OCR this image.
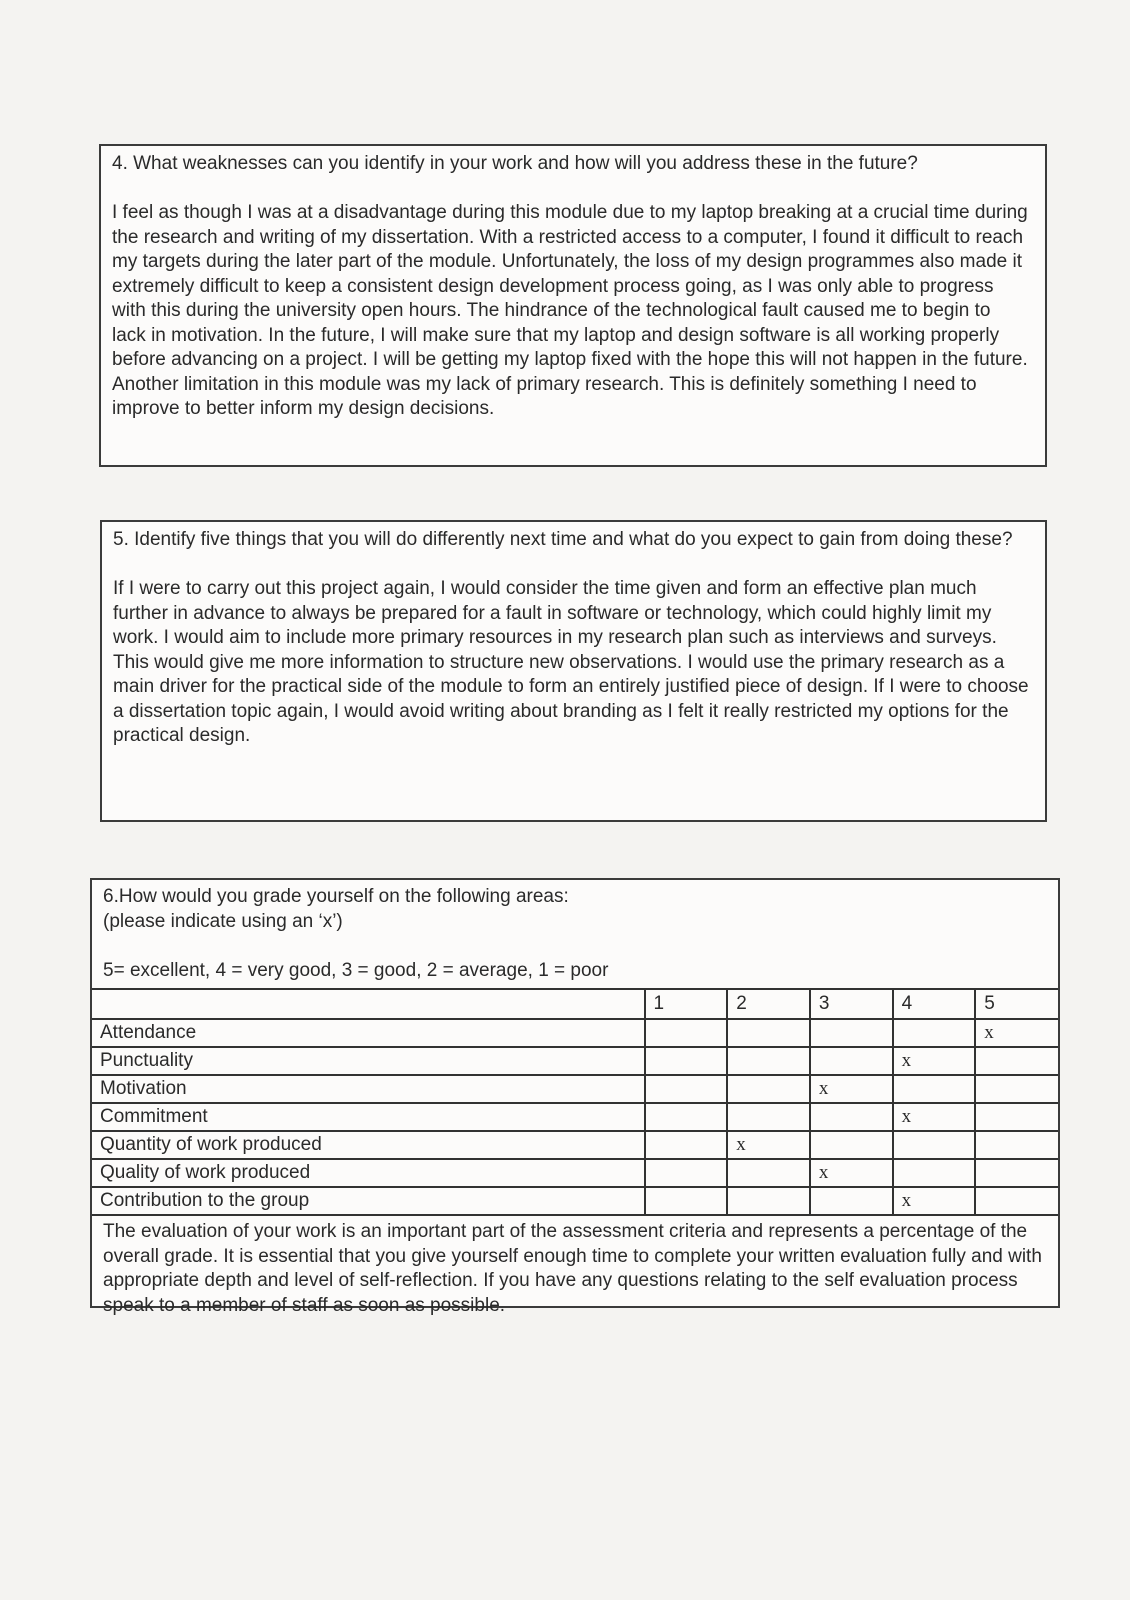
4. What weaknesses can you identify in your work and how will you address these in the future?

I feel as though I was at a disadvantage during this module due to my laptop breaking at a crucial time during the research and writing of my dissertation. With a restricted access to a computer, I found it difficult to reach my targets during the later part of the module. Unfortunately, the loss of my design programmes also made it extremely difficult to keep a consistent design development process going, as I was only able to progress with this during the university open hours. The hindrance of the technological fault caused me to begin to lack in motivation. In the future, I will make sure that my laptop and design software is all working properly before advancing on a project. I will be getting my laptop fixed with the hope this will not happen in the future. Another limitation in this module was my lack of primary research. This is definitely something I need to improve to better inform my design decisions.

5. Identify five things that you will do differently next time and what do you expect to gain from doing these?

If I were to carry out this project again, I would consider the time given and form an effective plan much further in advance to always be prepared for a fault in software or technology, which could highly limit my work. I would aim to include more primary resources in my research plan such as interviews and surveys. This would give me more information to structure new observations. I would use the primary research as a main driver for the practical side of the module to form an entirely justified piece of design. If I were to choose a dissertation topic again, I would avoid writing about branding as I felt it really restricted my options for the practical design.

6.How would you grade yourself on the following areas:

(please indicate using an ‘x’)

5= excellent, 4 = very good, 3 = good, 2 = average, 1 = poor

	1	2	3	4	5
Attendance					x
Punctuality				x	
Motivation			x		
Commitment				x	
Quantity of work produced		x			
Quality of work produced			x		
Contribution to the group				x	

The evaluation of your work is an important part of the assessment criteria and represents a percentage of the overall grade. It is essential that you give yourself enough time to complete your written evaluation fully and with appropriate depth and level of self-reflection. If you have any questions relating to the self evaluation process speak to a member of staff as soon as possible.
